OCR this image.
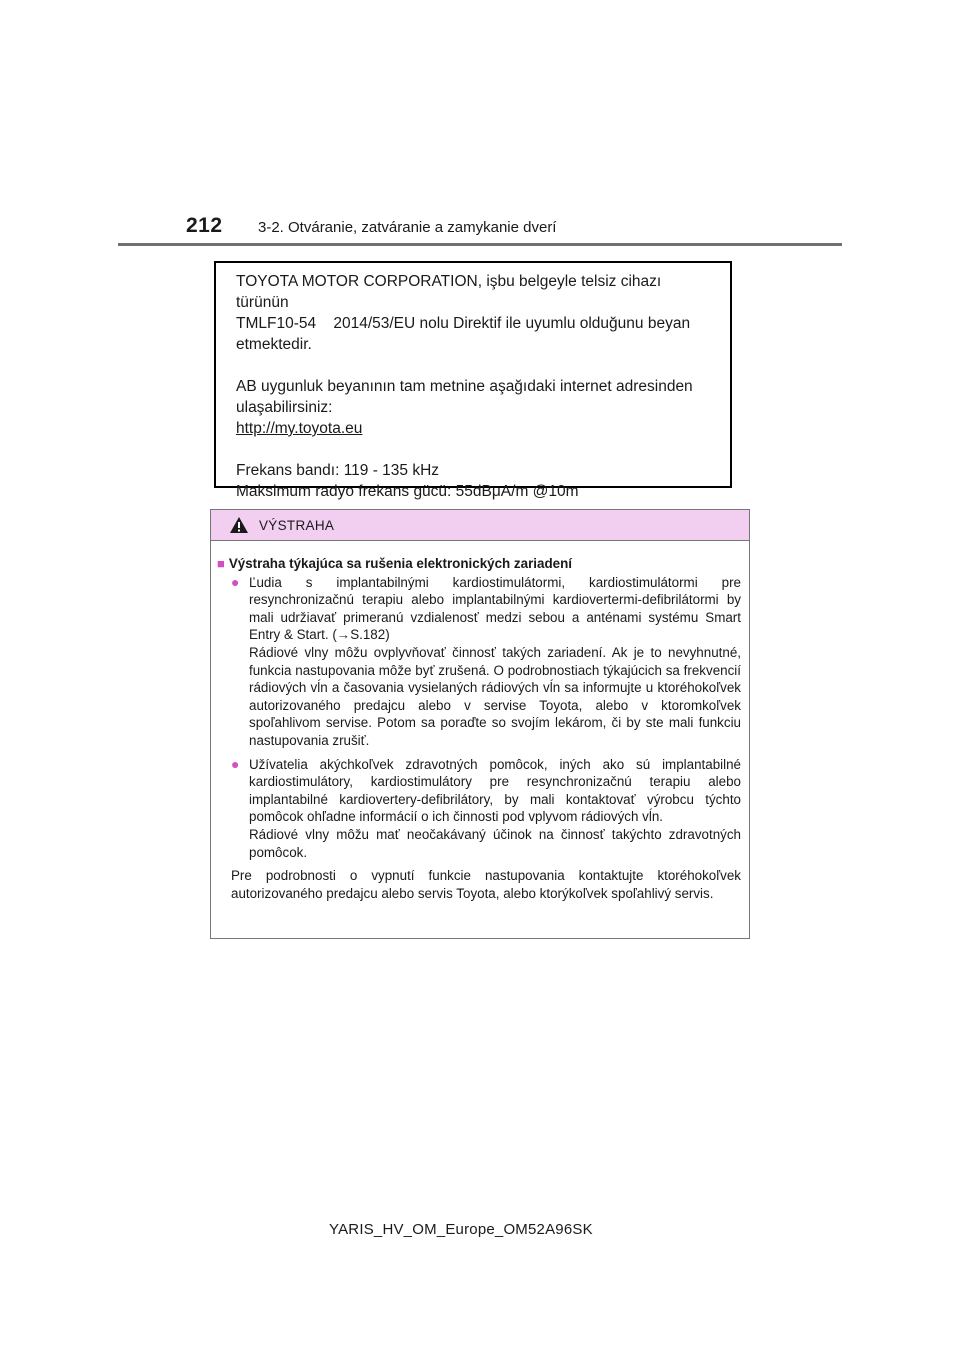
212 3-2. Otváranie, zatváranie a zamykanie dverí

TOYOTA MOTOR CORPORATION, işbu belgeyle telsiz cihazı türünün
TMLF10-54    2014/53/EU nolu Direktif ile uyumlu olduğunu beyan
etmektedir.

AB uygunluk beyanının tam metnine aşağıdaki internet adresinden
ulaşabilirsiniz:
http://my.toyota.eu

Frekans bandı: 119 - 135 kHz
Maksimum radyo frekans gücü: 55dBμA/m @10m

VÝSTRAHA
■ Výstraha týkajúca sa rušenia elektronických zariadení
● Ľudia s implantabilnými kardiostimulátormi, kardiostimulátormi pre resynchronizačnú terapiu alebo implantabilnými kardiovertermi-defibrilátormi by mali udržiavať primeranú vzdialenosť medzi sebou a anténami systému Smart Entry & Start. (→S.182)
Rádiové vlny môžu ovplyvňovať činnosť takých zariadení. Ak je to nevyhnutné, funkcia nastupovania môže byť zrušená. O podrobnostiach týkajúcich sa frekvencií rádiových vĺn a časovania vysielaných rádiových vĺn sa informujte u ktoréhokoľvek autorizovaného predajcu alebo v servise Toyota, alebo v ktoromkoľvek spoľahlivom servise. Potom sa poraďte so svojím lekárom, či by ste mali funkciu nastupovania zrušiť.
● Užívatelia akýchkoľvek zdravotných pomôcok, iných ako sú implantabilné kardiostimulátory, kardiostimulátory pre resynchronizačnú terapiu alebo implantabilné kardiovertery-defibrilátory, by mali kontaktovať výrobcu týchto pomôcok ohľadne informácií o ich činnosti pod vplyvom rádiových vĺn.
Rádiové vlny môžu mať neočakávaný účinok na činnosť takýchto zdravotných pomôcok.
Pre podrobnosti o vypnutí funkcie nastupovania kontaktujte ktoréhokoľvek autorizovaného predajcu alebo servis Toyota, alebo ktorýkoľvek spoľahlivý servis.
YARIS_HV_OM_Europe_OM52A96SK
